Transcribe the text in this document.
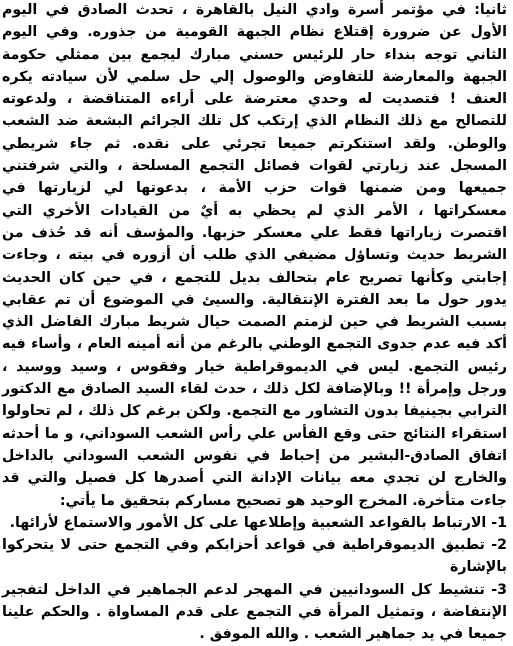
ثانيا: في مؤتمر أسرة وادي النيل بالقاهرة ، تحدث الصادق في اليوم الأول عن ضرورة إقتلاع نظام الجبهة القومية من جذوره. وفي اليوم الثاني توجه بنداء حار للرئيس حسني مبارك ليجمع بين ممثلي حكومة الجبهة والمعارضة للتفاوض والوصول إلي حل سلمي لأن سيادته يكره العنف ! فتصديت له وحدي معترضة على أراءه المتناقضة ، ولدعوته للتصالح مع ذلك النظام الذي إرتكب كل تلك الجرائم البشعة ضد الشعب والوطن. ولقد استنكرتم جميعا تجرئي على نقده. ثم جاء شريطي المسجل عند زيارتي لقوات فصائل التجمع المسلحة ، والتي شرفتني جميعها ومن ضمنها قوات حزب الأمة ، بدعوتها لي لزيارتها في معسكراتها ، الأمر الذي لم يحظي به أيٌ من القيادات الأخري التي اقتصرت زياراتها فقط علي معسكر حزبها. والمؤسف أنه قد حُذف من الشريط حديث وتساؤل مضيفي الذي طلب أن أزوره في بيته ، وجاءت إجابتي وكأنها تصريح عام بتحالف بديل للتجمع ، في حين كان الحديث يدور حول ما بعد الفترة الإنتقالية. والسيئ في الموضوع أن تم عقابي بسبب الشريط في حين لزمتم الصمت حيال شريط مبارك الفاضل الذي أكد فيه عدم جدوى التجمع الوطني بالرغم من أنه أمينه العام ، وأساء فيه رئيس التجمع. ليس في الديموقراطية خيار وفقوس ، وسيد ووسيد ، ورجل وإمرأة !! وبالإضافة لكل ذلك ، حدث لقاء السيد الصادق مع الدكتور الترابي بجينيفا بدون التشاور مع التجمع. ولكن برغم كل ذلك ، لم تحاولوا استقراء النتائج حتى وقع الفأس علي رأس الشعب السوداني، و ما أحدثه اتفاق الصادق-البشير من إحباط في نفوس الشعب السوداني بالداخل والخارج لن تجدي معه بيانات الإدانة التي أصدرها كل فصيل والتي قد جاءت متأخرة. المخرج الوحيد هو تصحيح مساركم بتحقيق ما يأتي:

1- الارتباط بالقواعد الشعبية وإطلاعها على كل الأمور والاستماع لأرائها.

2- تطبيق الديموقراطية في قواعد أحزابكم وفي التجمع حتى لا يتحركوا بالإشارة

3- تنشيط كل السودانيين في المهجر لدعم الجماهير في الداخل لتفجير الإنتفاضة ، وتمثيل المرأة في التجمع على قدم المساواة . والحكم علينا جميعا في يد جماهير الشعب . والله الموفق .
